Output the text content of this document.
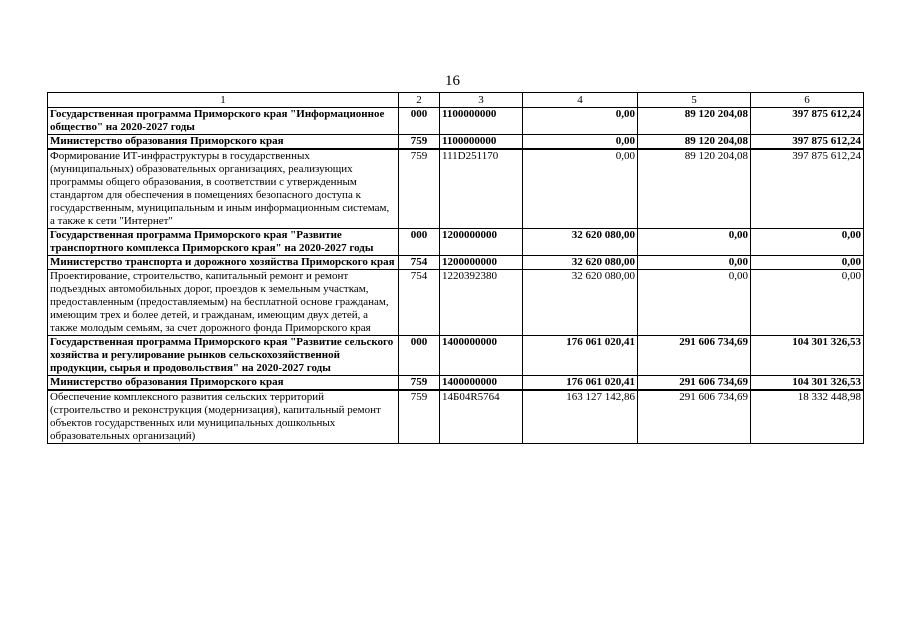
16
1	2	3	4	5	6
Государственная программа Приморского края "Информационное общество" на 2020-2027 годы	000	1100000000	0,00	89 120 204,08	397 875 612,24
Министерство образования Приморского края	759	1100000000	0,00	89 120 204,08	397 875 612,24
Формирование ИТ-инфраструктуры в государственных (муниципальных) образовательных организациях, реализующих программы общего образования, в соответствии с утвержденным стандартом для обеспечения в помещениях безопасного доступа к государственным, муниципальным и иным информационным системам, а также к сети "Интернет"	759	111D251170	0,00	89 120 204,08	397 875 612,24
Государственная программа Приморского края "Развитие транспортного комплекса Приморского края" на 2020-2027 годы	000	1200000000	32 620 080,00	0,00	0,00
Министерство транспорта и дорожного хозяйства Приморского края	754	1200000000	32 620 080,00	0,00	0,00
Проектирование, строительство, капитальный ремонт и ремонт подъездных автомобильных дорог, проездов к земельным участкам, предоставленным (предоставляемым) на бесплатной основе гражданам, имеющим трех и более детей, и гражданам, имеющим двух детей, а также молодым семьям, за счет дорожного фонда Приморского края	754	1220392380	32 620 080,00	0,00	0,00
Государственная программа Приморского края "Развитие сельского хозяйства и регулирование рынков сельскохозяйственной продукции, сырья и продовольствия" на 2020-2027 годы	000	1400000000	176 061 020,41	291 606 734,69	104 301 326,53
Министерство образования Приморского края	759	1400000000	176 061 020,41	291 606 734,69	104 301 326,53
Обеспечение комплексного развития сельских территорий (строительство и реконструкция (модернизация), капитальный ремонт объектов государственных или муниципальных дошкольных образовательных организаций)	759	14Б04R5764	163 127 142,86	291 606 734,69	18 332 448,98
